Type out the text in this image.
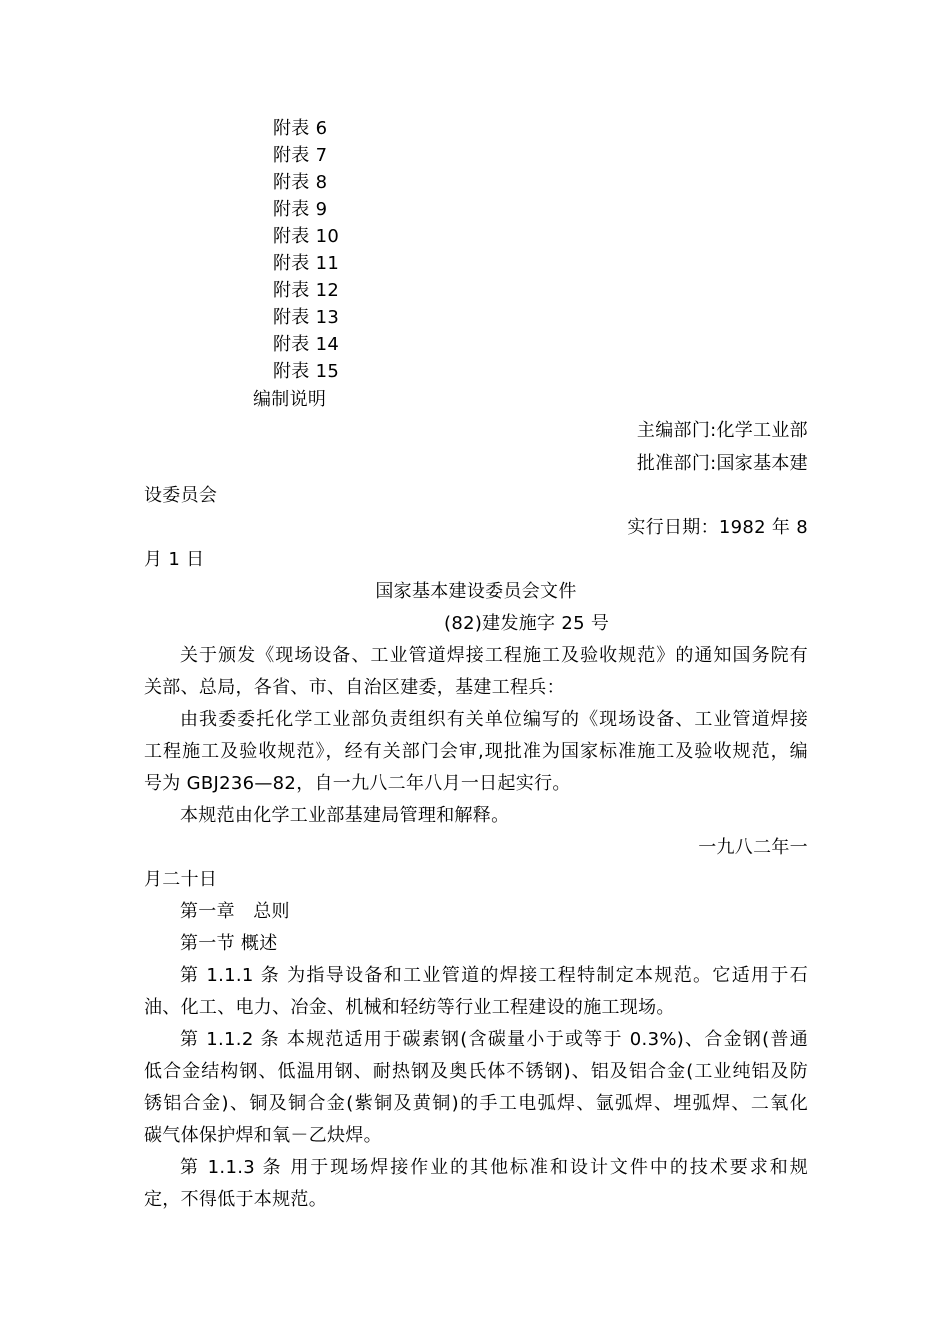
附表 6
附表 7
附表 8
附表 9
附表 10
附表 11
附表 12
附表 13
附表 14
附表 15
编制说明
主编部门:化学工业部
批准部门:国家基本建
设委员会
实行日期：1982 年 8
月 1 日
国家基本建设委员会文件
(82)建发施字 25 号
关于颁发《现场设备、工业管道焊接工程施工及验收规范》的通知国务院有
关部、总局，各省、市、自治区建委，基建工程兵：
由我委委托化学工业部负责组织有关单位编写的《现场设备、工业管道焊接
工程施工及验收规范》，经有关部门会审,现批准为国家标准施工及验收规范，编
号为 GBJ236—82，自一九八二年八月一日起实行。
本规范由化学工业部基建局管理和解释。
一九八二年一
月二十日
第一章　总则
第一节 概述
第 1.1.1 条 为指导设备和工业管道的焊接工程特制定本规范。它适用于石
油、化工、电力、冶金、机械和轻纺等行业工程建设的施工现场。
第 1.1.2 条 本规范适用于碳素钢(含碳量小于或等于 0.3%)、合金钢(普通
低合金结构钢、低温用钢、耐热钢及奥氏体不锈钢)、铝及铝合金(工业纯铝及防
锈铝合金)、铜及铜合金(紫铜及黄铜)的手工电弧焊、氩弧焊、埋弧焊、二氧化
碳气体保护焊和氧－乙炔焊。
第 1.1.3 条 用于现场焊接作业的其他标准和设计文件中的技术要求和规
定，不得低于本规范。
